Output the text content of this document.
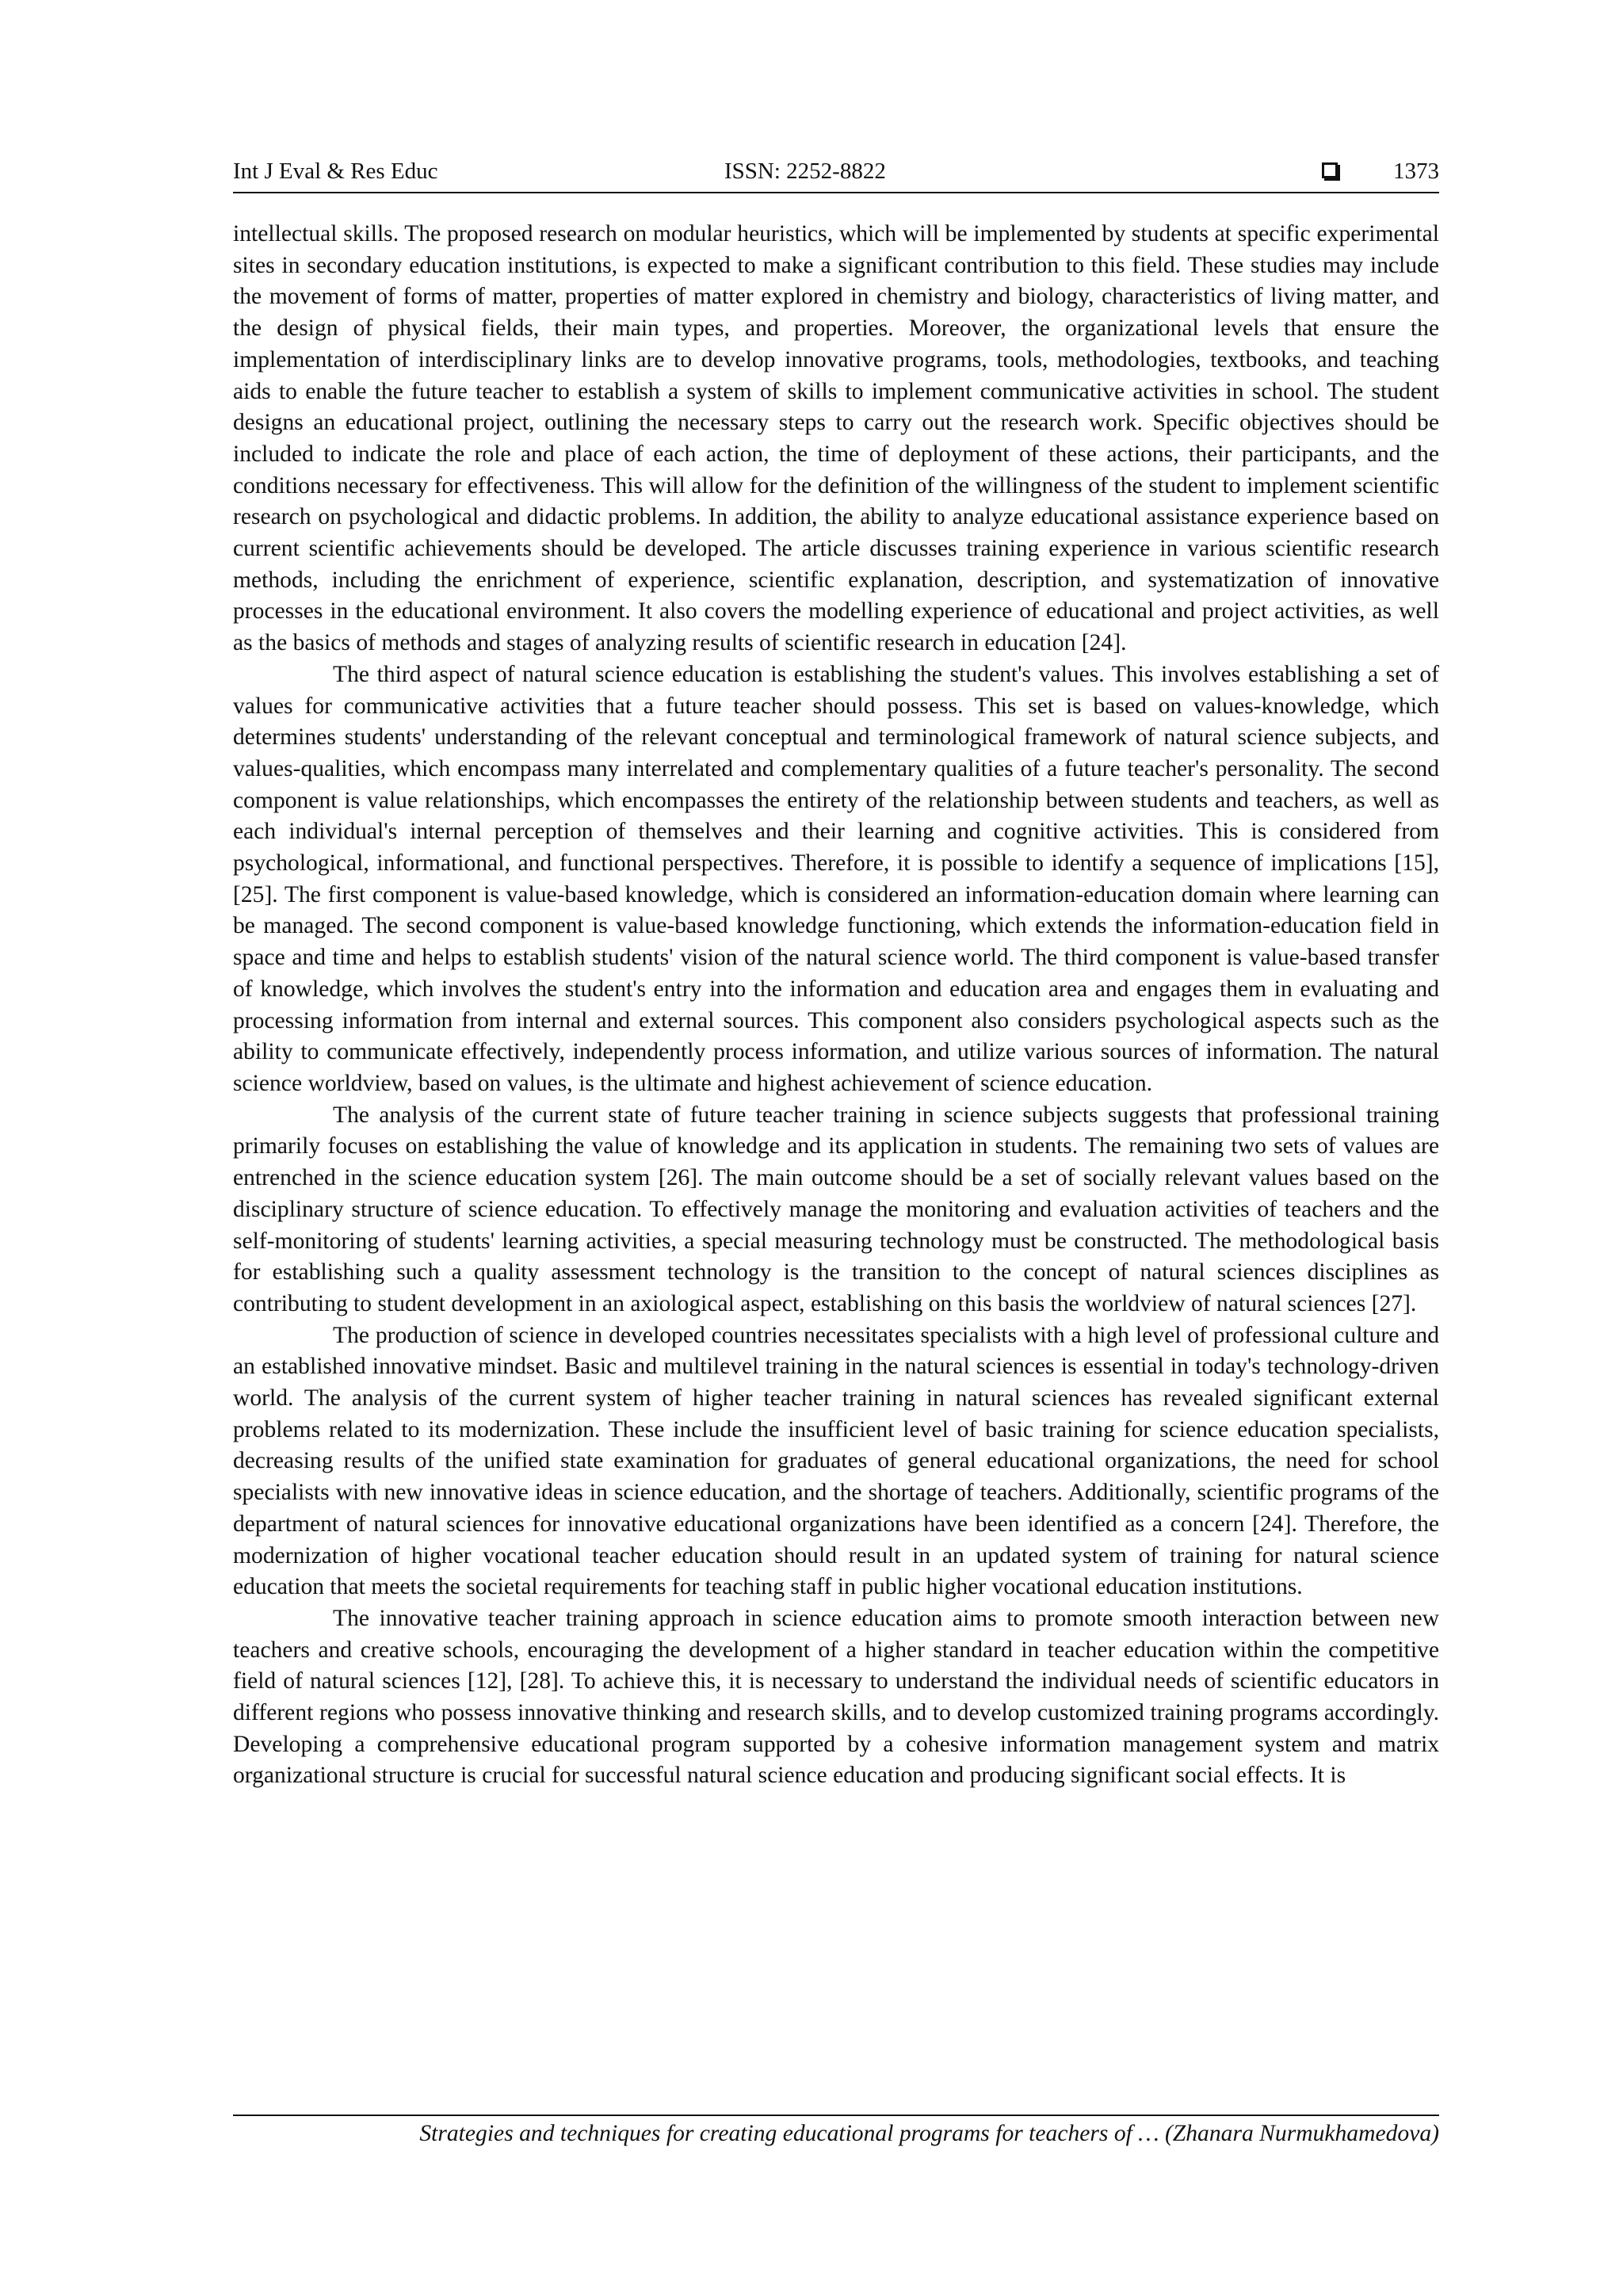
Int J Eval & Res Educ	ISSN: 2252-8822	1373

intellectual skills. The proposed research on modular heuristics, which will be implemented by students at specific experimental sites in secondary education institutions, is expected to make a significant contribution to this field. These studies may include the movement of forms of matter, properties of matter explored in chemistry and biology, characteristics of living matter, and the design of physical fields, their main types, and properties. Moreover, the organizational levels that ensure the implementation of interdisciplinary links are to develop innovative programs, tools, methodologies, textbooks, and teaching aids to enable the future teacher to establish a system of skills to implement communicative activities in school. The student designs an educational project, outlining the necessary steps to carry out the research work. Specific objectives should be included to indicate the role and place of each action, the time of deployment of these actions, their participants, and the conditions necessary for effectiveness. This will allow for the definition of the willingness of the student to implement scientific research on psychological and didactic problems. In addition, the ability to analyze educational assistance experience based on current scientific achievements should be developed. The article discusses training experience in various scientific research methods, including the enrichment of experience, scientific explanation, description, and systematization of innovative processes in the educational environment. It also covers the modelling experience of educational and project activities, as well as the basics of methods and stages of analyzing results of scientific research in education [24].

The third aspect of natural science education is establishing the student's values. This involves establishing a set of values for communicative activities that a future teacher should possess. This set is based on values-knowledge, which determines students' understanding of the relevant conceptual and terminological framework of natural science subjects, and values-qualities, which encompass many interrelated and complementary qualities of a future teacher's personality. The second component is value relationships, which encompasses the entirety of the relationship between students and teachers, as well as each individual's internal perception of themselves and their learning and cognitive activities. This is considered from psychological, informational, and functional perspectives. Therefore, it is possible to identify a sequence of implications [15], [25]. The first component is value-based knowledge, which is considered an information-education domain where learning can be managed. The second component is value-based knowledge functioning, which extends the information-education field in space and time and helps to establish students' vision of the natural science world. The third component is value-based transfer of knowledge, which involves the student's entry into the information and education area and engages them in evaluating and processing information from internal and external sources. This component also considers psychological aspects such as the ability to communicate effectively, independently process information, and utilize various sources of information. The natural science worldview, based on values, is the ultimate and highest achievement of science education.

The analysis of the current state of future teacher training in science subjects suggests that professional training primarily focuses on establishing the value of knowledge and its application in students. The remaining two sets of values are entrenched in the science education system [26]. The main outcome should be a set of socially relevant values based on the disciplinary structure of science education. To effectively manage the monitoring and evaluation activities of teachers and the self-monitoring of students' learning activities, a special measuring technology must be constructed. The methodological basis for establishing such a quality assessment technology is the transition to the concept of natural sciences disciplines as contributing to student development in an axiological aspect, establishing on this basis the worldview of natural sciences [27].

The production of science in developed countries necessitates specialists with a high level of professional culture and an established innovative mindset. Basic and multilevel training in the natural sciences is essential in today's technology-driven world. The analysis of the current system of higher teacher training in natural sciences has revealed significant external problems related to its modernization. These include the insufficient level of basic training for science education specialists, decreasing results of the unified state examination for graduates of general educational organizations, the need for school specialists with new innovative ideas in science education, and the shortage of teachers. Additionally, scientific programs of the department of natural sciences for innovative educational organizations have been identified as a concern [24]. Therefore, the modernization of higher vocational teacher education should result in an updated system of training for natural science education that meets the societal requirements for teaching staff in public higher vocational education institutions.

The innovative teacher training approach in science education aims to promote smooth interaction between new teachers and creative schools, encouraging the development of a higher standard in teacher education within the competitive field of natural sciences [12], [28]. To achieve this, it is necessary to understand the individual needs of scientific educators in different regions who possess innovative thinking and research skills, and to develop customized training programs accordingly. Developing a comprehensive educational program supported by a cohesive information management system and matrix organizational structure is crucial for successful natural science education and producing significant social effects. It is

Strategies and techniques for creating educational programs for teachers of … (Zhanara Nurmukhamedova)
